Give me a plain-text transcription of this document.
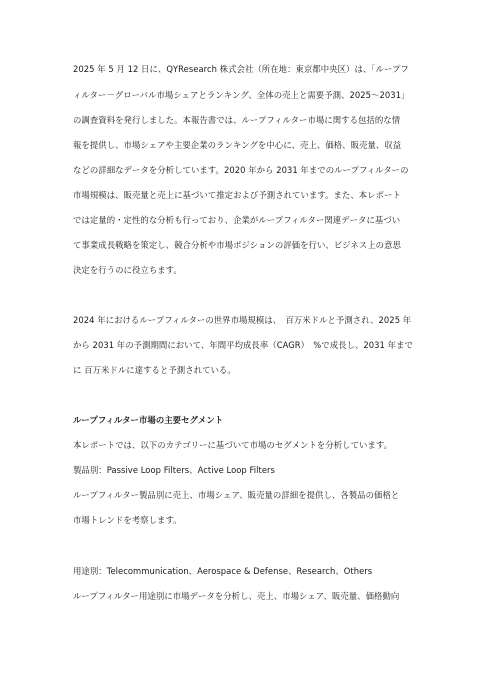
2025 年 5 月 12 日に、QYResearch 株式会社（所在地：東京都中央区）は、「ループフ
ィルター－グローバル市場シェアとランキング、全体の売上と需要予測、2025～2031」
の調査資料を発行しました。本報告書では、ループフィルター市場に関する包括的な情
報を提供し、市場シェアや主要企業のランキングを中心に、売上、価格、販売量、収益
などの詳細なデータを分析しています。2020 年から 2031 年までのループフィルターの
市場規模は、販売量と売上に基づいて推定および予測されています。また、本レポート
では定量的・定性的な分析も行っており、企業がループフィルター関連データに基づい
て事業成長戦略を策定し、競合分析や市場ポジションの評価を行い、ビジネス上の意思
決定を行うのに役立ちます。
2024 年におけるループフィルターの世界市場規模は、　百万米ドルと予測され、2025 年
から 2031 年の予測期間において、年間平均成長率（CAGR）　%で成長し、2031 年まで
に 百万米ドルに達すると予測されている。
ループフィルター市場の主要セグメント
本レポートでは、以下のカテゴリーに基づいて市場のセグメントを分析しています。
製品別：Passive Loop Filters、Active Loop Filters
ループフィルター製品別に売上、市場シェア、販売量の詳細を提供し、各製品の価格と
市場トレンドを考察します。
用途別：Telecommunication、Aerospace & Defense、Research、Others
ループフィルター用途別に市場データを分析し、売上、市場シェア、販売量、価格動向
